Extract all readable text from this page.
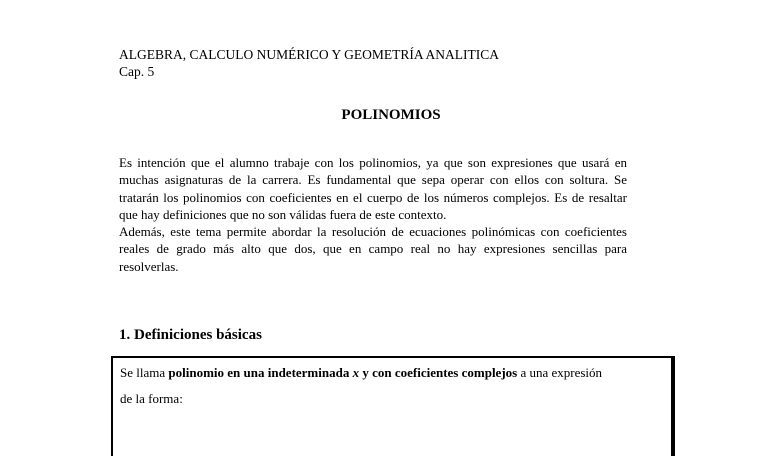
ALGEBRA, CALCULO NUMÉRICO Y GEOMETRÍA ANALITICA
Cap. 5
POLINOMIOS

Es intención que el alumno trabaje con los polinomios, ya que son expresiones que usará en muchas asignaturas de la carrera. Es fundamental que sepa operar con ellos con soltura. Se tratarán los polinomios con coeficientes en el cuerpo de los números complejos. Es de resaltar que hay definiciones que no son válidas fuera de este contexto.

Además, este tema permite abordar la resolución de ecuaciones polinómicas con coeficientes reales de grado más alto que dos, que en campo real no hay expresiones sencillas para resolverlas.

1. Definiciones básicas
Se llama polinomio en una indeterminada x y con coeficientes complejos a una expresión
de la forma:
